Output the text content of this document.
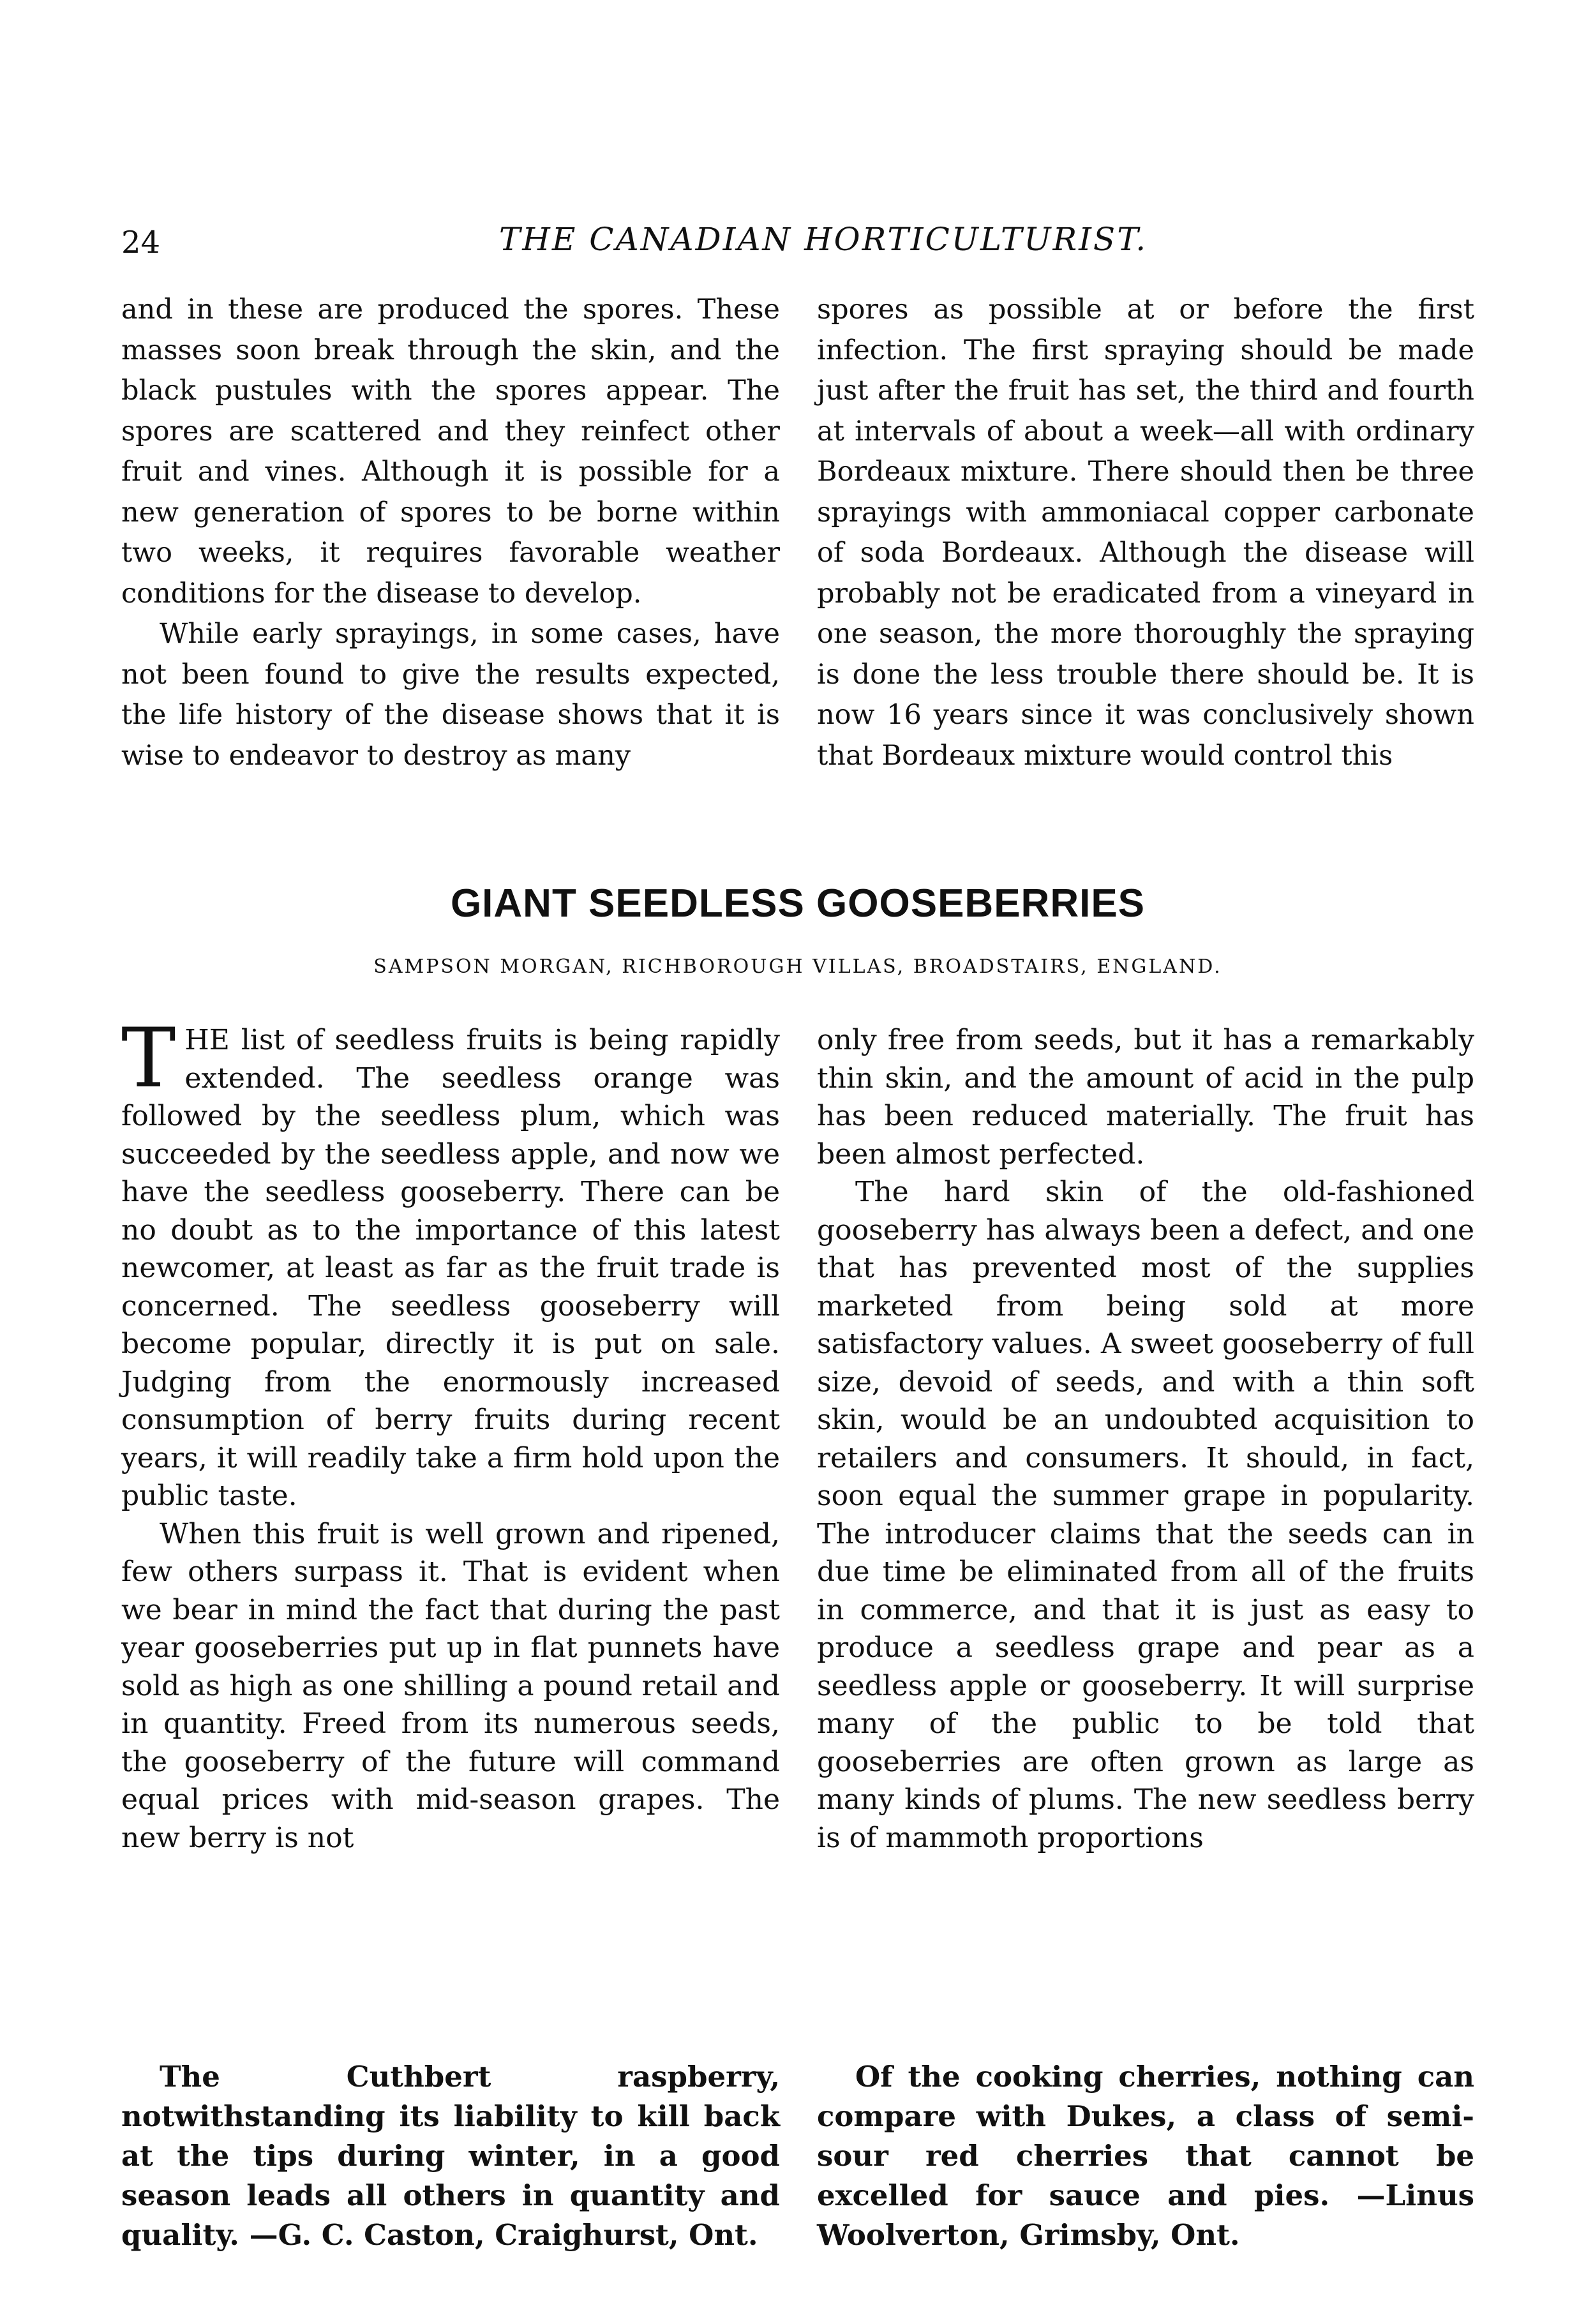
24	THE CANADIAN HORTICULTURIST.

and in these are produced the spores. These masses soon break through the skin, and the black pustules with the spores appear. The spores are scattered and they reinfect other fruit and vines. Although it is possible for a new generation of spores to be borne within two weeks, it requires favorable weather conditions for the disease to develop.

While early sprayings, in some cases, have not been found to give the results expected, the life history of the disease shows that it is wise to endeavor to destroy as many

spores as possible at or before the first infection. The first spraying should be made just after the fruit has set, the third and fourth at intervals of about a week—all with ordinary Bordeaux mixture. There should then be three sprayings with ammoniacal copper carbonate of soda Bordeaux. Although the disease will probably not be eradicated from a vineyard in one season, the more thoroughly the spraying is done the less trouble there should be. It is now 16 years since it was conclusively shown that Bordeaux mixture would control this

GIANT SEEDLESS GOOSEBERRIES
SAMPSON MORGAN, RICHBOROUGH VILLAS, BROADSTAIRS, ENGLAND.

THE list of seedless fruits is being rapidly extended. The seedless orange was followed by the seedless plum, which was succeeded by the seedless apple, and now we have the seedless gooseberry. There can be no doubt as to the importance of this latest newcomer, at least as far as the fruit trade is concerned. The seedless gooseberry will become popular, directly it is put on sale. Judging from the enormously increased consumption of berry fruits during recent years, it will readily take a firm hold upon the public taste.

When this fruit is well grown and ripened, few others surpass it. That is evident when we bear in mind the fact that during the past year gooseberries put up in flat punnets have sold as high as one shilling a pound retail and in quantity. Freed from its numerous seeds, the gooseberry of the future will command equal prices with mid-season grapes. The new berry is not

only free from seeds, but it has a remarkably thin skin, and the amount of acid in the pulp has been reduced materially. The fruit has been almost perfected.

The hard skin of the old-fashioned gooseberry has always been a defect, and one that has prevented most of the supplies marketed from being sold at more satisfactory values. A sweet gooseberry of full size, devoid of seeds, and with a thin soft skin, would be an undoubted acquisition to retailers and consumers. It should, in fact, soon equal the summer grape in popularity. The introducer claims that the seeds can in due time be eliminated from all of the fruits in commerce, and that it is just as easy to produce a seedless grape and pear as a seedless apple or gooseberry. It will surprise many of the public to be told that gooseberries are often grown as large as many kinds of plums. The new seedless berry is of mammoth proportions

The Cuthbert raspberry, notwithstanding its liability to kill back at the tips during winter, in a good season leads all others in quantity and quality. —G. C. Caston, Craighurst, Ont.

Of the cooking cherries, nothing can compare with Dukes, a class of semi-sour red cherries that cannot be excelled for sauce and pies. —Linus Woolverton, Grimsby, Ont.
